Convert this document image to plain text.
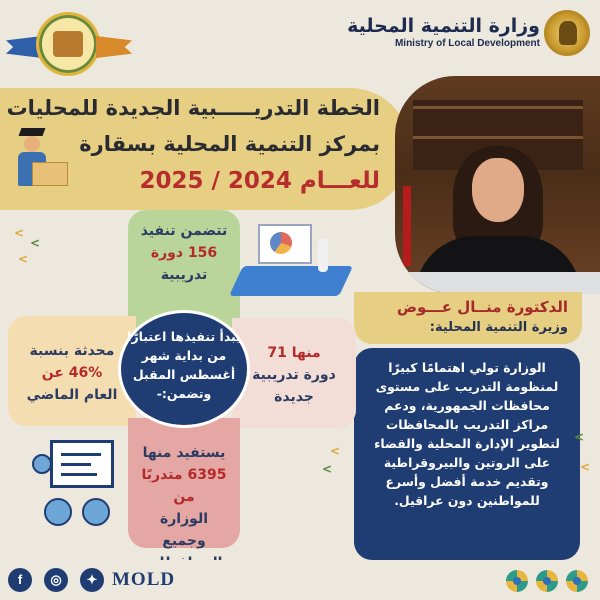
وزارة التنمية المحلية
Ministry of Local Development
الخطة التدريـــــبية الجديدة للمحليات
بمركز التنمية المحلية بسقارة
للعـــام 2024 / 2025
الدكتورة منــال عـــوض
وزيرة التنمية المحلية:
الوزارة تولي اهتمامًا كبيرًا لمنظومة التدريب على مستوى محافظات الجمهورية، ودعم مراكز التدريب بالمحافظات لتطوير الإدارة المحلية والقضاء على الروتين والبيروقراطية وتقديم خدمة أفضل وأسرع للمواطنين دون عراقيل.
تتضمن تنفيذ
156 دورة
تدريبية
محدثة بنسبة
46% عن
العام الماضي
منها 71
دورة تدريبية
جديدة
يستفيد منها
6395 متدربًا من
الوزارة وجميع
يبدأ تنفيذها اعتبارًا من بداية شهر أغسطس المقبل وتضمن:-
<
<
<
<
<
<
<
f	◎	✦ MOLD
